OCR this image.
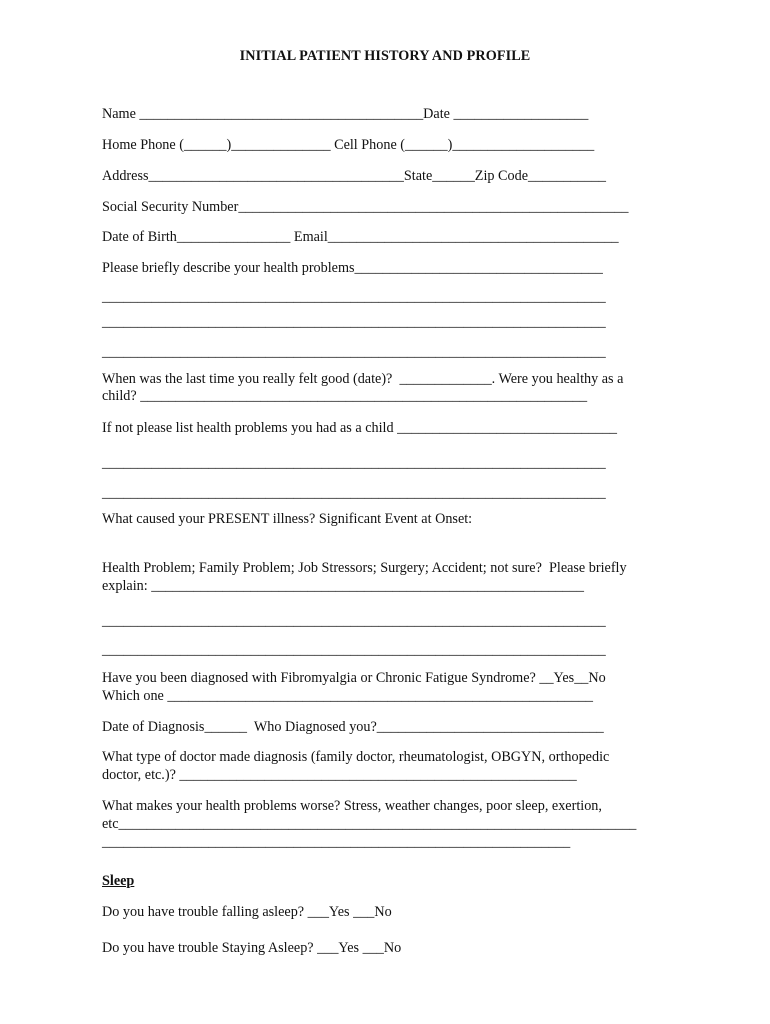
INITIAL PATIENT HISTORY AND PROFILE
Name ________________________________________Date ___________________
Home Phone (______)______________ Cell Phone (______)____________________
Address____________________________________State______Zip Code___________
Social Security Number_______________________________________________________
Date of Birth________________ Email_________________________________________
Please briefly describe your health problems___________________________________
_______________________________________________________________________
_______________________________________________________________________
_______________________________________________________________________
When was the last time you really felt good (date)?  _____________. Were you healthy as a
child? _______________________________________________________________
If not please list health problems you had as a child _______________________________
_______________________________________________________________________
_______________________________________________________________________
What caused your PRESENT illness? Significant Event at Onset:
Health Problem; Family Problem; Job Stressors; Surgery; Accident; not sure?  Please briefly
explain: _____________________________________________________________
_______________________________________________________________________
_______________________________________________________________________
Have you been diagnosed with Fibromyalgia or Chronic Fatigue Syndrome? __Yes__No
Which one ____________________________________________________________
Date of Diagnosis______  Who Diagnosed you?________________________________
What type of doctor made diagnosis (family doctor, rheumatologist, OBGYN, orthopedic
doctor, etc.)? ________________________________________________________
What makes your health problems worse? Stress, weather changes, poor sleep, exertion,
etc_________________________________________________________________________
__________________________________________________________________
Sleep
Do you have trouble falling asleep? ___Yes ___No
Do you have trouble Staying Asleep? ___Yes ___No
